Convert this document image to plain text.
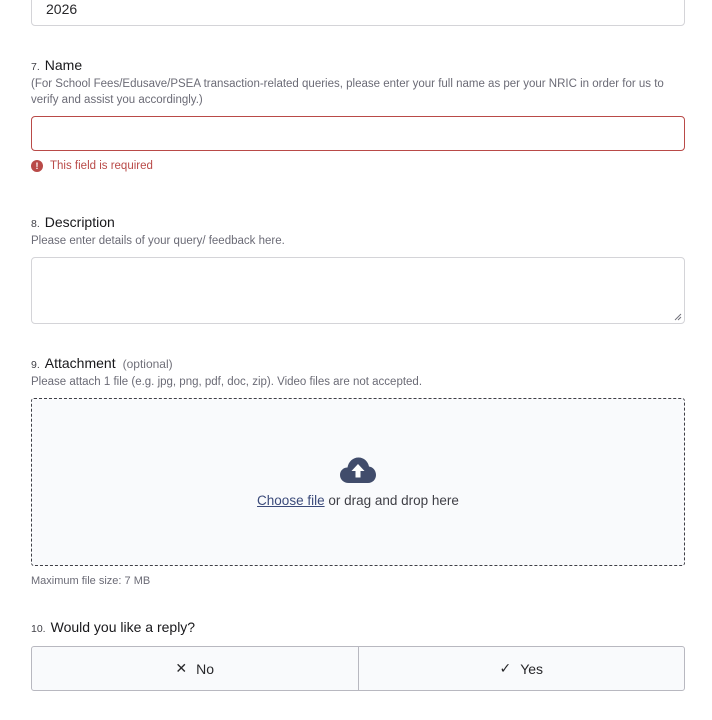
2026
7. Name
(For School Fees/Edusave/PSEA transaction-related queries, please enter your full name as per your NRIC in order for us to verify and assist you accordingly.)
!	This field is required
8. Description
Please enter details of your query/ feedback here.
9. Attachment (optional)
Please attach 1 file (e.g. jpg, png, pdf, doc, zip). Video files are not accepted.
Choose file or drag and drop here
Maximum file size: 7 MB
10. Would you like a reply?
✕ No	✓ Yes
